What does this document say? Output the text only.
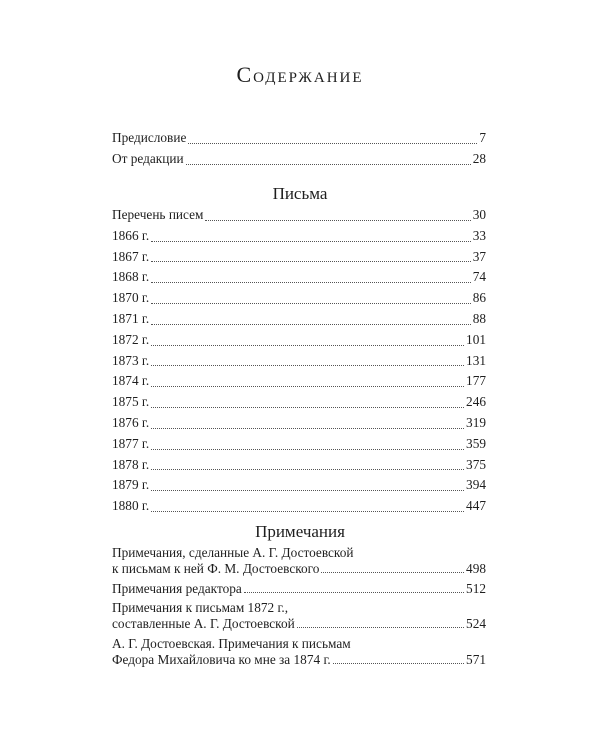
Содержание
Предисловие	7
От редакции	28
Письма
Перечень писем	30
1866 г.	33
1867 г.	37
1868 г.	74
1870 г.	86
1871 г.	88
1872 г.	101
1873 г.	131
1874 г.	177
1875 г.	246
1876 г.	319
1877 г.	359
1878 г.	375
1879 г.	394
1880 г.	447
Примечания
Примечания, сделанные А. Г. Достоевской
к письмам к ней Ф. М. Достоевского	498
Примечания редактора	512
Примечания к письмам 1872 г.,
составленные А. Г. Достоевской	524
А. Г. Достоевская. Примечания к письмам
Федора Михайловича ко мне за 1874 г.	571
